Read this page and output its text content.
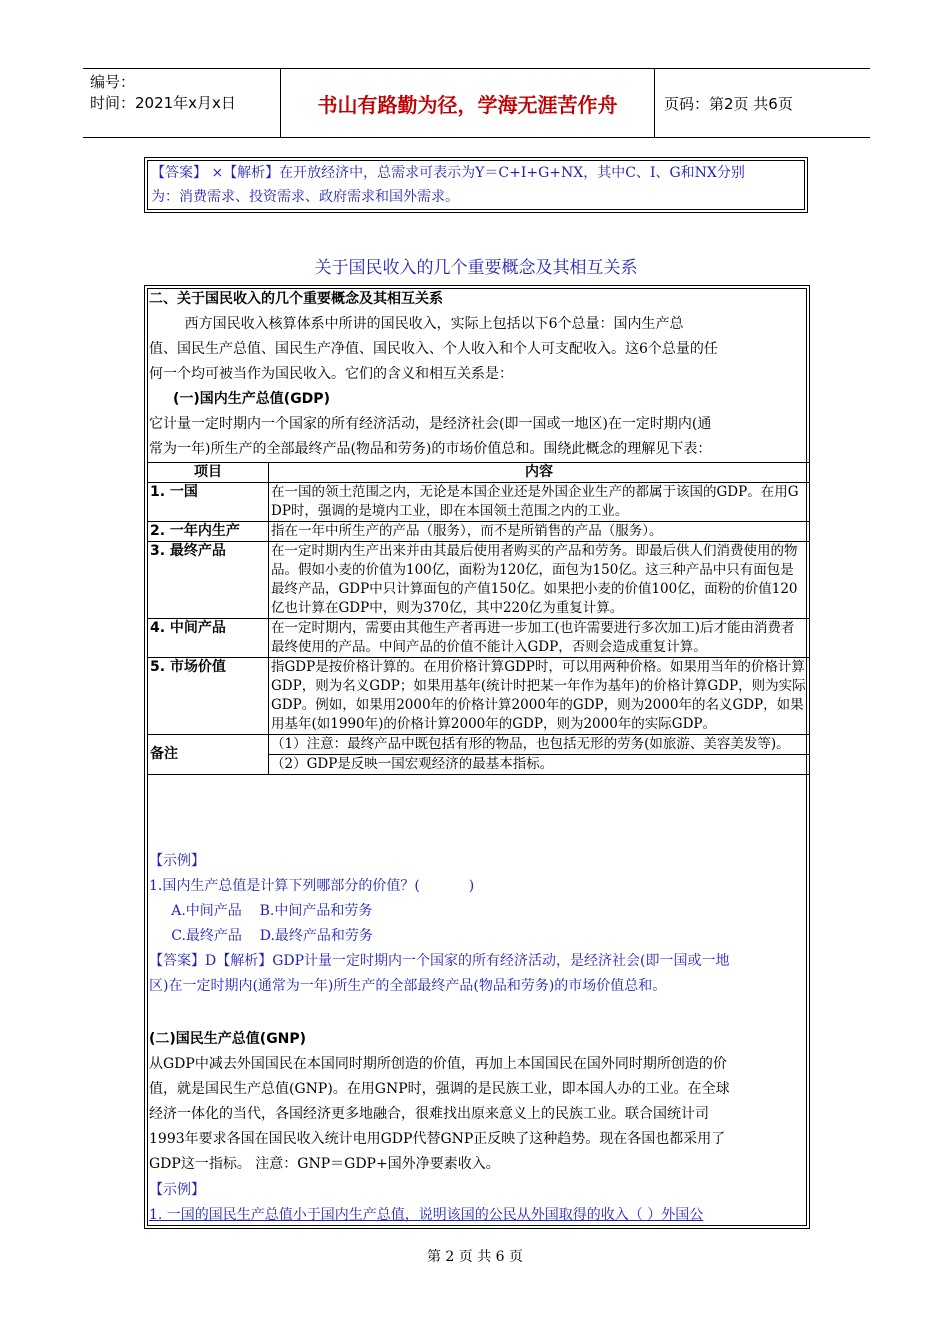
编号：
时间：2021年x月x日	书山有路勤为径，学海无涯苦作舟	页码：第2页 共6页
【答案】 ×【解析】在开放经济中，总需求可表示为Y＝C+I+G+NX，其中C、I、G和NX分别
为：消费需求、投资需求、政府需求和国外需求。
关于国民收入的几个重要概念及其相互关系
二、关于国民收入的几个重要概念及其相互关系
西方国民收入核算体系中所讲的国民收入，实际上包括以下6个总量：国内生产总
值、国民生产总值、国民生产净值、国民收入、个人收入和个人可支配收入。这6个总量的任
何一个均可被当作为国民收入。它们的含义和相互关系是：
(一)国内生产总值(GDP)
它计量一定时期内一个国家的所有经济活动，是经济社会(即一国或一地区)在一定时期内(通
常为一年)所生产的全部最终产品(物品和劳务)的市场价值总和。围绕此概念的理解见下表：
项目	内容
1. 一国	在一国的领土范围之内，无论是本国企业还是外国企业生产的都属于该国的GDP。在用GDP时，强调的是境内工业，即在本国领土范围之内的工业。
2. 一年内生产	指在一年中所生产的产品（服务），而不是所销售的产品（服务）。
3. 最终产品	在一定时期内生产出来并由其最后使用者购买的产品和劳务。即最后供人们消费使用的物品。假如小麦的价值为100亿，面粉为120亿，面包为150亿。这三种产品中只有面包是最终产品，GDP中只计算面包的产值150亿。如果把小麦的价值100亿，面粉的价值120亿也计算在GDP中，则为370亿，其中220亿为重复计算。
4. 中间产品	在一定时期内，需要由其他生产者再进一步加工(也许需要进行多次加工)后才能由消费者最终使用的产品。中间产品的价值不能计入GDP，否则会造成重复计算。
5. 市场价值	指GDP是按价格计算的。在用价格计算GDP时，可以用两种价格。如果用当年的价格计算GDP，则为名义GDP；如果用基年(统计时把某一年作为基年)的价格计算GDP，则为实际GDP。例如，如果用2000年的价格计算2000年的GDP，则为2000年的名义GDP，如果用基年(如1990年)的价格计算2000年的GDP，则为2000年的实际GDP。
备注	（1）注意：最终产品中既包括有形的物品，也包括无形的劳务(如旅游、美容美发等)。
	（2）GDP是反映一国宏观经济的最基本指标。
【示例】
1.国内生产总值是计算下列哪部分的价值？(           )
A.中间产品    B.中间产品和劳务
C.最终产品    D.最终产品和劳务
【答案】D【解析】GDP计量一定时期内一个国家的所有经济活动，是经济社会(即一国或一地
区)在一定时期内(通常为一年)所生产的全部最终产品(物品和劳务)的市场价值总和。
(二)国民生产总值(GNP)
从GDP中减去外国国民在本国同时期所创造的价值，再加上本国国民在国外同时期所创造的价
值，就是国民生产总值(GNP)。在用GNP时，强调的是民族工业，即本国人办的工业。在全球
经济一体化的当代，各国经济更多地融合，很难找出原来意义上的民族工业。联合国统计司
1993年要求各国在国民收入统计电用GDP代替GNP正反映了这种趋势。现在各国也都采用了
GDP这一指标。 注意：GNP＝GDP+国外净要素收入。
【示例】
1. 一国的国民生产总值小于国内生产总值，说明该国的公民从外国取得的收入（ ）外国公
第 2 页 共 6 页
